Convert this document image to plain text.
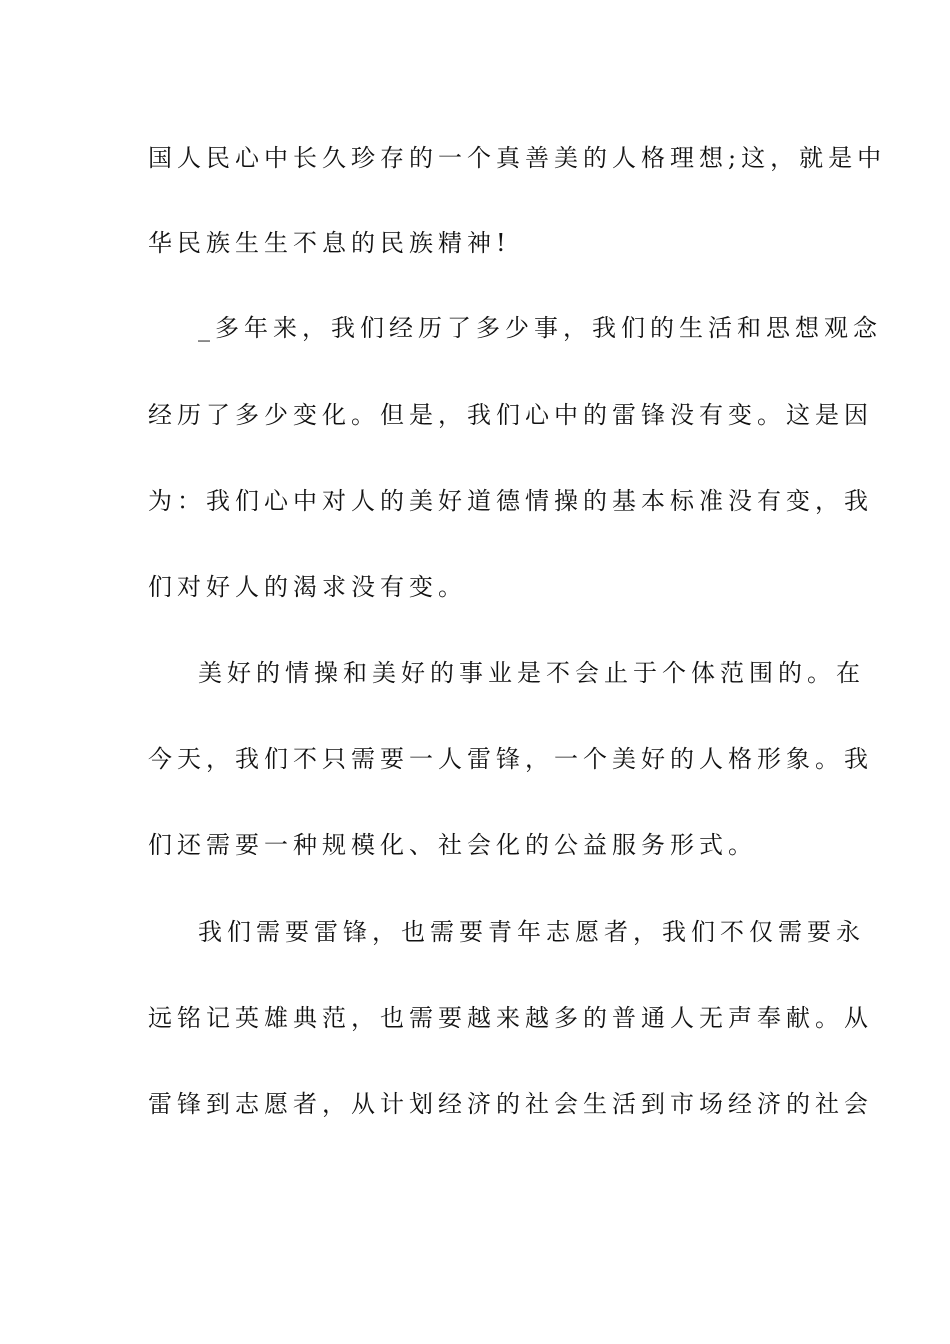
国人民心中长久珍存的一个真善美的人格理想;这，就是中
华民族生生不息的民族精神!
_多年来，我们经历了多少事，我们的生活和思想观念
经历了多少变化。但是，我们心中的雷锋没有变。这是因
为：我们心中对人的美好道德情操的基本标准没有变，我
们对好人的渴求没有变。
美好的情操和美好的事业是不会止于个体范围的。在
今天，我们不只需要一人雷锋，一个美好的人格形象。我
们还需要一种规模化、社会化的公益服务形式。
我们需要雷锋，也需要青年志愿者，我们不仅需要永
远铭记英雄典范，也需要越来越多的普通人无声奉献。从
雷锋到志愿者，从计划经济的社会生活到市场经济的社会
